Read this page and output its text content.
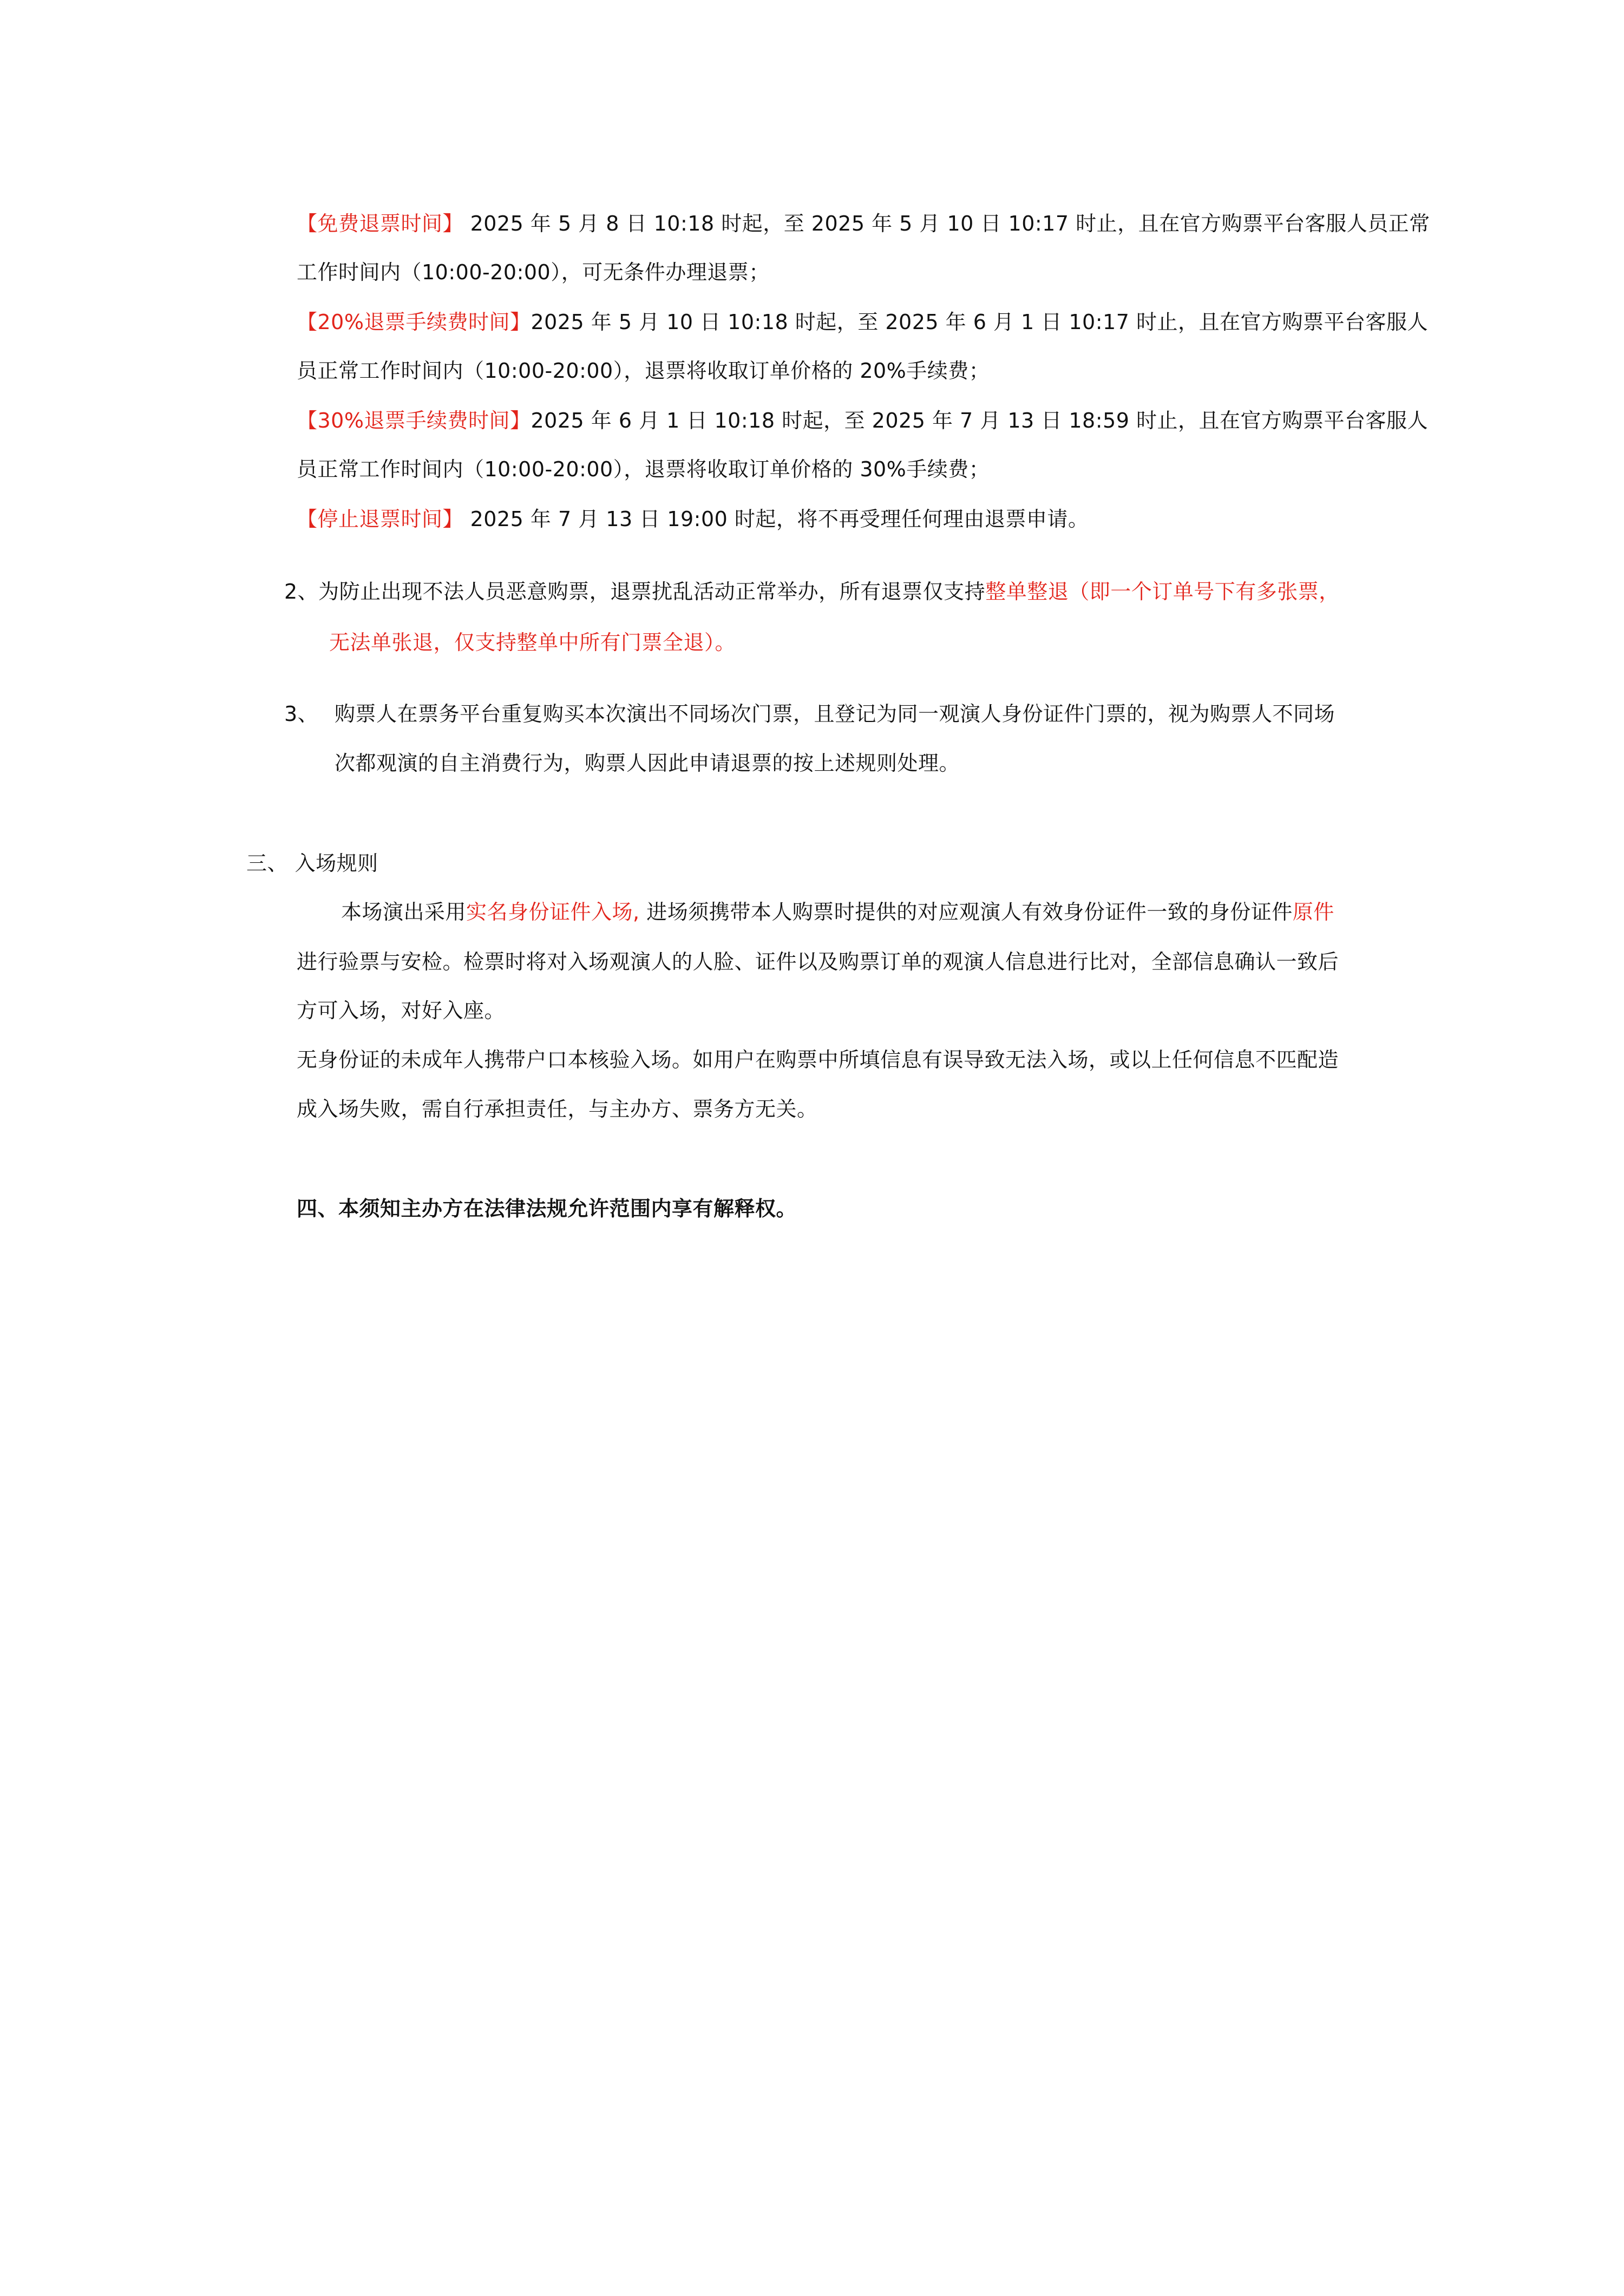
【免费退票时间】 2025 年 5 月 8 日 10:18 时起，至 2025 年 5 月 10 日 10:17 时止，且在官方购票平台客服人员正常
工作时间内（10:00-20:00），可无条件办理退票；
【20%退票手续费时间】2025 年 5 月 10 日 10:18 时起，至 2025 年 6 月 1 日 10:17 时止，且在官方购票平台客服人
员正常工作时间内（10:00-20:00），退票将收取订单价格的 20%手续费；
【30%退票手续费时间】2025 年 6 月 1 日 10:18 时起，至 2025 年 7 月 13 日 18:59 时止，且在官方购票平台客服人
员正常工作时间内（10:00-20:00），退票将收取订单价格的 30%手续费；
【停止退票时间】 2025 年 7 月 13 日 19:00 时起，将不再受理任何理由退票申请。
2、为防止出现不法人员恶意购票，退票扰乱活动正常举办，所有退票仅支持整单整退（即一个订单号下有多张票，
无法单张退，仅支持整单中所有门票全退）。
3、 购票人在票务平台重复购买本次演出不同场次门票，且登记为同一观演人身份证件门票的，视为购票人不同场
次都观演的自主消费行为，购票人因此申请退票的按上述规则处理。
三、 入场规则
本场演出采用实名身份证件入场, 进场须携带本人购票时提供的对应观演人有效身份证件一致的身份证件原件
进行验票与安检。检票时将对入场观演人的人脸、证件以及购票订单的观演人信息进行比对，全部信息确认一致后
方可入场，对好入座。
无身份证的未成年人携带户口本核验入场。如用户在购票中所填信息有误导致无法入场，或以上任何信息不匹配造
成入场失败，需自行承担责任，与主办方、票务方无关。
四、本须知主办方在法律法规允许范围内享有解释权。
